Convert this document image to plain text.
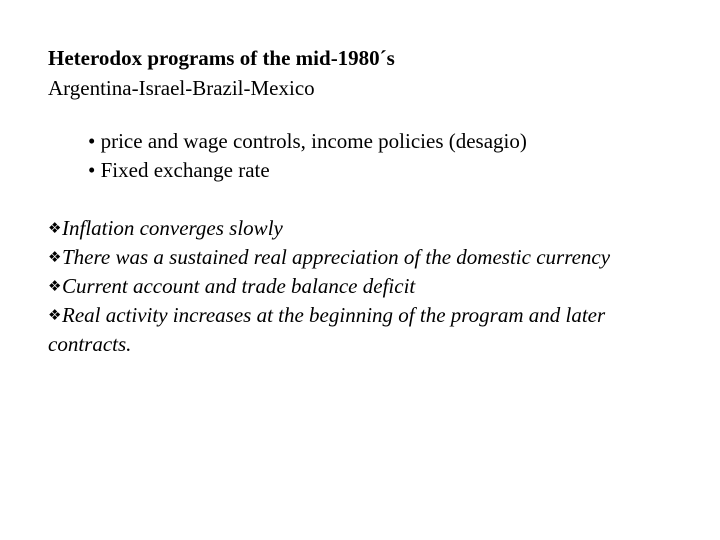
Heterodox programs of the mid-1980´s
Argentina-Israel-Brazil-Mexico
• price and wage controls, income policies (desagio)
• Fixed exchange rate
❖Inflation converges slowly
❖There was a sustained real appreciation of the domestic currency
❖Current account and trade balance deficit
❖Real activity increases at the beginning of the program and later contracts.
